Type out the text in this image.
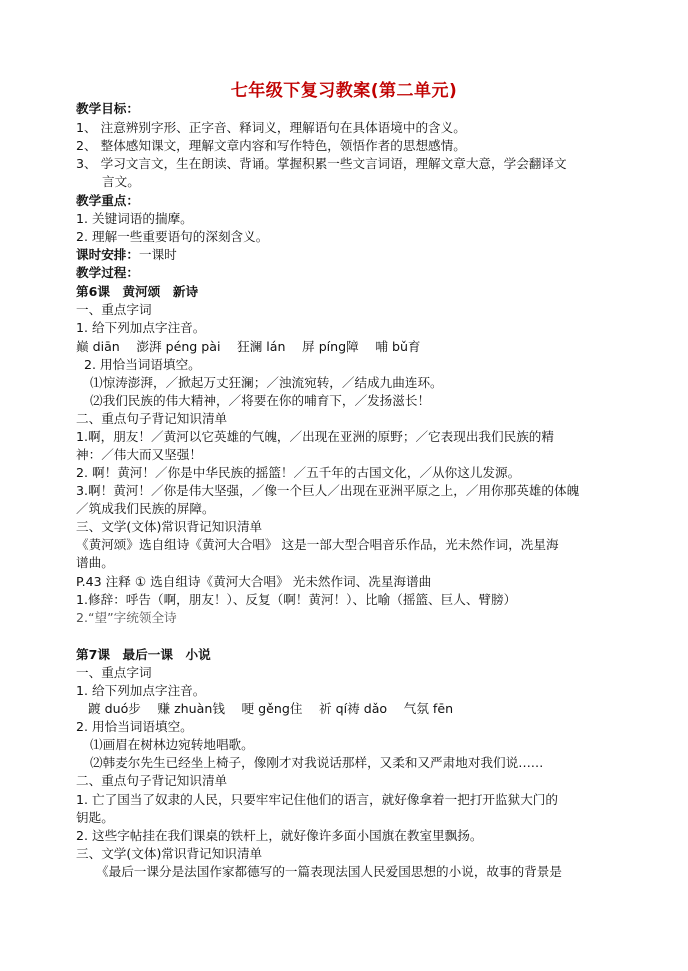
七年级下复习教案(第二单元)
教学目标：
1、 注意辨别字形、正字音、释词义，理解语句在具体语境中的含义。
2、 整体感知课文，理解文章内容和写作特色，领悟作者的思想感情。
3、 学习文言文，生在朗读、背诵。掌握积累一些文言词语，理解文章大意，学会翻译文
言文。
教学重点：
1. 关键词语的揣摩。
2. 理解一些重要语句的深刻含义。
课时安排：一课时
教学过程：
第6课　黄河颂　新诗
一、重点字词
1. 给下列加点字注音。
巅 diān　 澎湃 péng pài　 狂澜 lán　 屏 píng障　 哺 bǔ育
2. 用恰当词语填空。
⑴惊涛澎湃，／掀起万丈狂澜；／浊流宛转，／结成九曲连环。
⑵我们民族的伟大精神，／将要在你的哺育下，／发扬滋长！
二、重点句子背记知识清单
1.啊，朋友！／黄河以它英雄的气魄，／出现在亚洲的原野；／它表现出我们民族的精
神：／伟大而又坚强！
2. 啊！黄河！／你是中华民族的摇篮！／五千年的古国文化，／从你这儿发源。
3.啊！黄河！／你是伟大坚强，／像一个巨人／出现在亚洲平原之上，／用你那英雄的体魄
／筑成我们民族的屏障。
三、文学(文体)常识背记知识清单
《黄河颂》选自组诗《黄河大合唱》 这是一部大型合唱音乐作品，光未然作词，冼星海
谱曲。
P.43 注释 ① 选自组诗《黄河大合唱》 光未然作词、冼星海谱曲
1.修辞：呼告（啊，朋友！）、反复（啊！黄河！）、比喻（摇篮、巨人、臂膀）
2.“望”字统领全诗
第7课　最后一课　小说
一、重点字词
1. 给下列加点字注音。
踱 duó步　 赚 zhuàn钱　 哽 gěng住　 祈 qí祷 dǎo　 气氛 fēn
2. 用恰当词语填空。
⑴画眉在树林边宛转地唱歌。
⑵韩麦尔先生已经坐上椅子，像刚才对我说话那样，又柔和又严肃地对我们说……
二、重点句子背记知识清单
1. 亡了国当了奴隶的人民，只要牢牢记住他们的语言，就好像拿着一把打开监狱大门的
钥匙。
2. 这些字帖挂在我们课桌的铁杆上，就好像许多面小国旗在教室里飘扬。
三、文学(文体)常识背记知识清单
《最后一课分是法国作家都德写的一篇表现法国人民爱国思想的小说，故事的背景是
